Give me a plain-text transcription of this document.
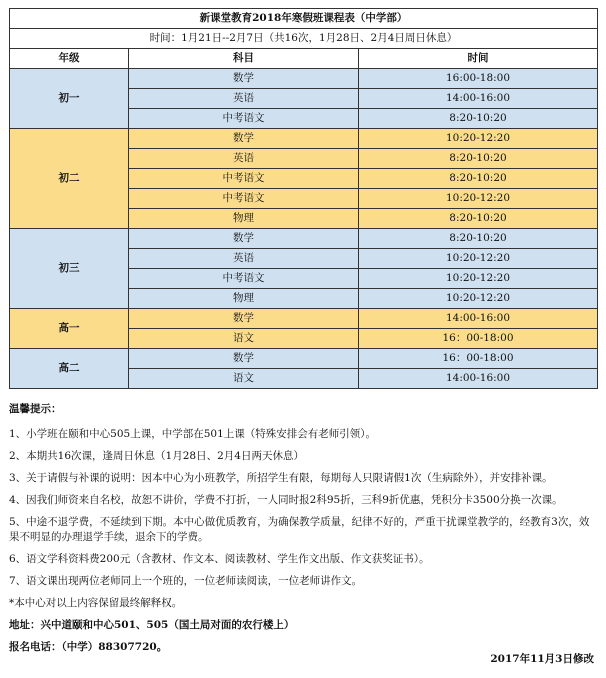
新课堂教育2018年寒假班课程表（中学部）		
时间：1月21日--2月7日（共16次，1月28日、2月4日周日休息）		
年级	科目	时间
初一	数学	16:00-18:00
	英语	14:00-16:00
	中考语文	8:20-10:20
初二	数学	10:20-12:20
	英语	8:20-10:20
	中考语文	8:20-10:20
	中考语文	10:20-12:20
	物理	8:20-10:20
初三	数学	8:20-10:20
	英语	10:20-12:20
	中考语文	10:20-12:20
	物理	10:20-12:20
高一	数学	14:00-16:00
	语文	16：00-18:00
高二	数学	16：00-18:00
	语文	14:00-16:00

温馨提示：

1、小学班在颐和中心505上课，中学部在501上课（特殊安排会有老师引领）。

2、本期共16次课，逢周日休息（1月28日、2月4日两天休息）

3、关于请假与补课的说明：因本中心为小班教学，所招学生有限，每期每人只限请假1次（生病除外），并安排补课。

4、因我们师资来自名校，故恕不讲价，学费不打折，一人同时报2科95折，三科9折优惠，凭积分卡3500分换一次课。

5、中途不退学费，不延续到下期。本中心做优质教育，为确保教学质量，纪律不好的，严重干扰课堂教学的，经教育3次，效果不明显的办理退学手续，退余下的学费。

6、语文学科资料费200元（含教材、作文本、阅读教材、学生作文出版、作文获奖证书）。

7、语文课出现两位老师同上一个班的，一位老师读阅读，一位老师讲作文。

*本中心对以上内容保留最终解释权。

地址：兴中道颐和中心501、505（国土局对面的农行楼上）

报名电话：（中学）88307720。

2017年11月3日修改
